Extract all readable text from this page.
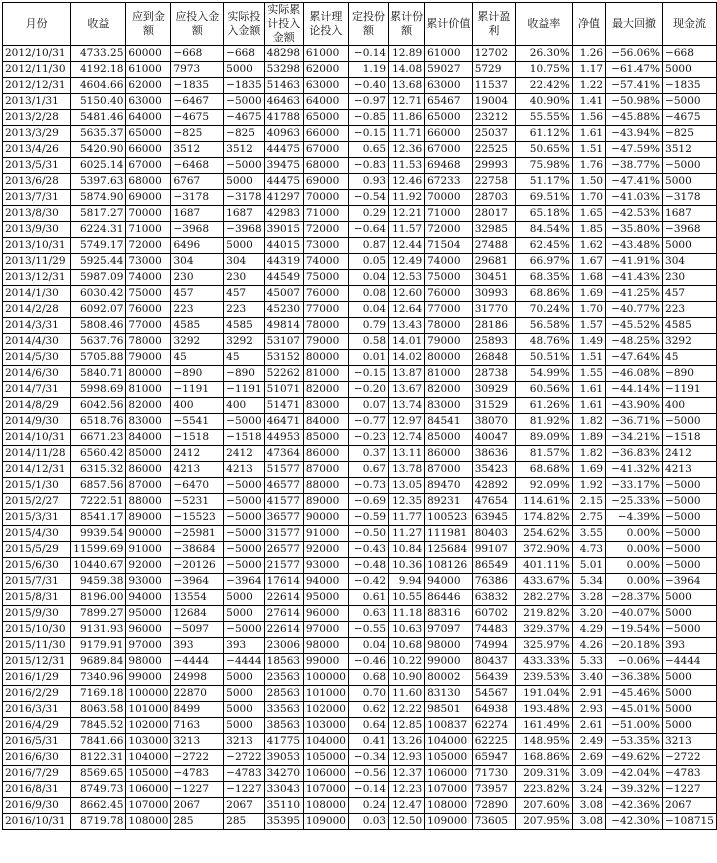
月份	收益	应到金额	应投入金额	实际投入金额	实际累计投入金额	累计理论投入	定投份额	累计份额	累计价值	累计盈利	收益率	净值	最大回撤	现金流
2012/10/31	4733.25	60000	−668	−668	48298	61000	−0.14	12.89	61000	12702	26.30%	1.26	−56.06%	−668
2012/11/30	4192.18	61000	7973	5000	53298	62000	1.19	14.08	59027	5729	10.75%	1.17	−61.47%	5000
2012/12/31	4604.66	62000	−1835	−1835	51463	63000	−0.40	13.68	63000	11537	22.42%	1.22	−57.41%	−1835
2013/1/31	5150.40	63000	−6467	−5000	46463	64000	−0.97	12.71	65467	19004	40.90%	1.41	−50.98%	−5000
2013/2/28	5481.46	64000	−4675	−4675	41788	65000	−0.85	11.86	65000	23212	55.55%	1.56	−45.88%	−4675
2013/3/29	5635.37	65000	−825	−825	40963	66000	−0.15	11.71	66000	25037	61.12%	1.61	−43.94%	−825
2013/4/26	5420.90	66000	3512	3512	44475	67000	0.65	12.36	67000	22525	50.65%	1.51	−47.59%	3512
2013/5/31	6025.14	67000	−6468	−5000	39475	68000	−0.83	11.53	69468	29993	75.98%	1.76	−38.77%	−5000
2013/6/28	5397.63	68000	6767	5000	44475	69000	0.93	12.46	67233	22758	51.17%	1.50	−47.41%	5000
2013/7/31	5874.90	69000	−3178	−3178	41297	70000	−0.54	11.92	70000	28703	69.51%	1.70	−41.03%	−3178
2013/8/30	5817.27	70000	1687	1687	42983	71000	0.29	12.21	71000	28017	65.18%	1.65	−42.53%	1687
2013/9/30	6224.31	71000	−3968	−3968	39015	72000	−0.64	11.57	72000	32985	84.54%	1.85	−35.80%	−3968
2013/10/31	5749.17	72000	6496	5000	44015	73000	0.87	12.44	71504	27488	62.45%	1.62	−43.48%	5000
2013/11/29	5925.44	73000	304	304	44319	74000	0.05	12.49	74000	29681	66.97%	1.67	−41.91%	304
2013/12/31	5987.09	74000	230	230	44549	75000	0.04	12.53	75000	30451	68.35%	1.68	−41.43%	230
2014/1/30	6030.42	75000	457	457	45007	76000	0.08	12.60	76000	30993	68.86%	1.69	−41.25%	457
2014/2/28	6092.07	76000	223	223	45230	77000	0.04	12.64	77000	31770	70.24%	1.70	−40.77%	223
2014/3/31	5808.46	77000	4585	4585	49814	78000	0.79	13.43	78000	28186	56.58%	1.57	−45.52%	4585
2014/4/30	5637.76	78000	3292	3292	53107	79000	0.58	14.01	79000	25893	48.76%	1.49	−48.25%	3292
2014/5/30	5705.88	79000	45	45	53152	80000	0.01	14.02	80000	26848	50.51%	1.51	−47.64%	45
2014/6/30	5840.71	80000	−890	−890	52262	81000	−0.15	13.87	81000	28738	54.99%	1.55	−46.08%	−890
2014/7/31	5998.69	81000	−1191	−1191	51071	82000	−0.20	13.67	82000	30929	60.56%	1.61	−44.14%	−1191
2014/8/29	6042.56	82000	400	400	51471	83000	0.07	13.74	83000	31529	61.26%	1.61	−43.90%	400
2014/9/30	6518.76	83000	−5541	−5000	46471	84000	−0.77	12.97	84541	38070	81.92%	1.82	−36.71%	−5000
2014/10/31	6671.23	84000	−1518	−1518	44953	85000	−0.23	12.74	85000	40047	89.09%	1.89	−34.21%	−1518
2014/11/28	6560.42	85000	2412	2412	47364	86000	0.37	13.11	86000	38636	81.57%	1.82	−36.83%	2412
2014/12/31	6315.32	86000	4213	4213	51577	87000	0.67	13.78	87000	35423	68.68%	1.69	−41.32%	4213
2015/1/30	6857.56	87000	−6470	−5000	46577	88000	−0.73	13.05	89470	42892	92.09%	1.92	−33.17%	−5000
2015/2/27	7222.51	88000	−5231	−5000	41577	89000	−0.69	12.35	89231	47654	114.61%	2.15	−25.33%	−5000
2015/3/31	8541.17	89000	−15523	−5000	36577	90000	−0.59	11.77	100523	63945	174.82%	2.75	−4.39%	−5000
2015/4/30	9939.54	90000	−25981	−5000	31577	91000	−0.50	11.27	111981	80403	254.62%	3.55	0.00%	−5000
2015/5/29	11599.69	91000	−38684	−5000	26577	92000	−0.43	10.84	125684	99107	372.90%	4.73	0.00%	−5000
2015/6/30	10440.67	92000	−20126	−5000	21577	93000	−0.48	10.36	108126	86549	401.11%	5.01	0.00%	−5000
2015/7/31	9459.38	93000	−3964	−3964	17614	94000	−0.42	9.94	94000	76386	433.67%	5.34	0.00%	−3964
2015/8/31	8196.00	94000	13554	5000	22614	95000	0.61	10.55	86446	63832	282.27%	3.28	−28.37%	5000
2015/9/30	7899.27	95000	12684	5000	27614	96000	0.63	11.18	88316	60702	219.82%	3.20	−40.07%	5000
2015/10/30	9131.93	96000	−5097	−5000	22614	97000	−0.55	10.63	97097	74483	329.37%	4.29	−19.54%	−5000
2015/11/30	9179.91	97000	393	393	23006	98000	0.04	10.68	98000	74994	325.97%	4.26	−20.18%	393
2015/12/31	9689.84	98000	−4444	−4444	18563	99000	−0.46	10.22	99000	80437	433.33%	5.33	−0.06%	−4444
2016/1/29	7340.96	99000	24998	5000	23563	100000	0.68	10.90	80002	56439	239.53%	3.40	−36.38%	5000
2016/2/29	7169.18	100000	22870	5000	28563	101000	0.70	11.60	83130	54567	191.04%	2.91	−45.46%	5000
2016/3/31	8063.58	101000	8499	5000	33563	102000	0.62	12.22	98501	64938	193.48%	2.93	−45.01%	5000
2016/4/29	7845.52	102000	7163	5000	38563	103000	0.64	12.85	100837	62274	161.49%	2.61	−51.00%	5000
2016/5/31	7841.66	103000	3213	3213	41775	104000	0.41	13.26	104000	62225	148.95%	2.49	−53.35%	3213
2016/6/30	8122.31	104000	−2722	−2722	39053	105000	−0.34	12.93	105000	65947	168.86%	2.69	−49.62%	−2722
2016/7/29	8569.65	105000	−4783	−4783	34270	106000	−0.56	12.37	106000	71730	209.31%	3.09	−42.04%	−4783
2016/8/31	8749.73	106000	−1227	−1227	33043	107000	−0.14	12.23	107000	73957	223.82%	3.24	−39.32%	−1227
2016/9/30	8662.45	107000	2067	2067	35110	108000	0.24	12.47	108000	72890	207.60%	3.08	−42.36%	2067
2016/10/31	8719.78	108000	285	285	35395	109000	0.03	12.50	109000	73605	207.95%	3.08	−42.30%	−108715
